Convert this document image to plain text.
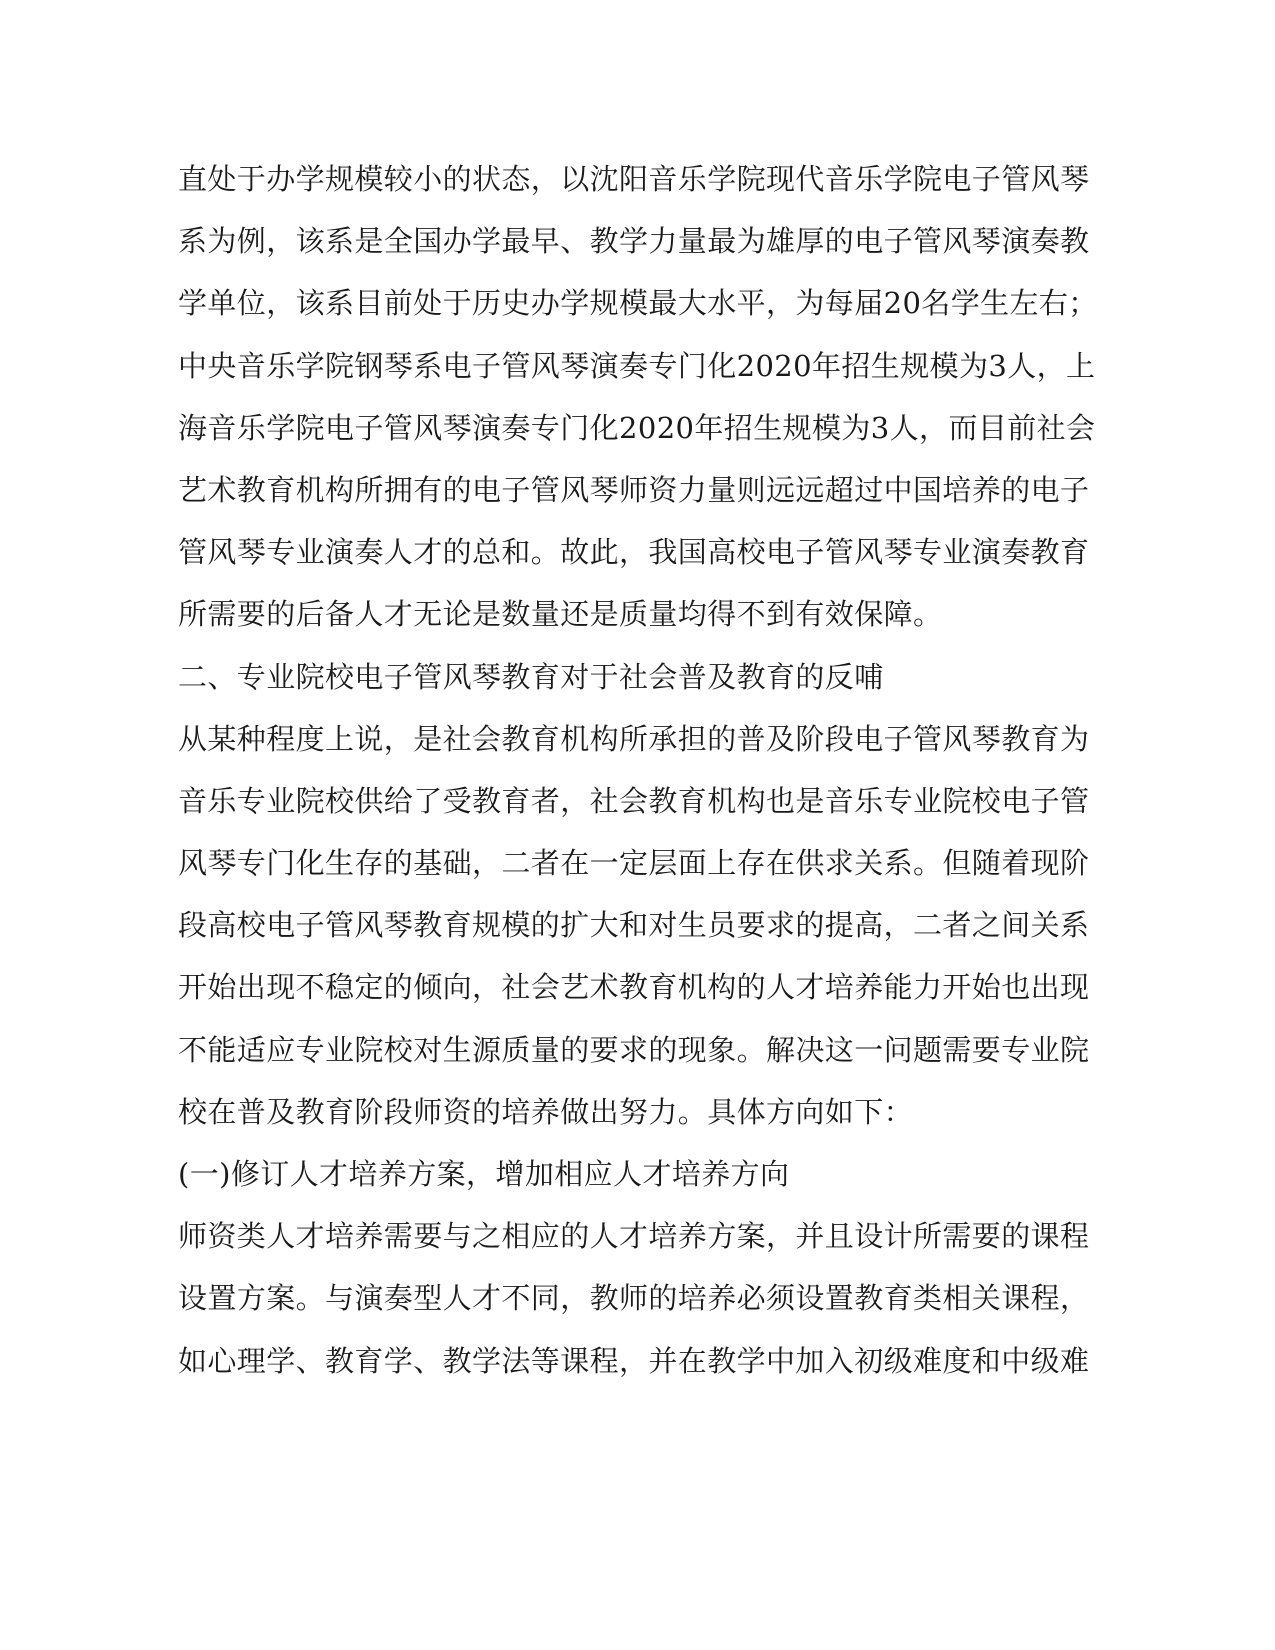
直处于办学规模较小的状态，以沈阳音乐学院现代音乐学院电子管风琴
系为例，该系是全国办学最早、教学力量最为雄厚的电子管风琴演奏教
学单位，该系目前处于历史办学规模最大水平，为每届20名学生左右；
中央音乐学院钢琴系电子管风琴演奏专门化2020年招生规模为3人，上
海音乐学院电子管风琴演奏专门化2020年招生规模为3人，而目前社会
艺术教育机构所拥有的电子管风琴师资力量则远远超过中国培养的电子
管风琴专业演奏人才的总和。故此，我国高校电子管风琴专业演奏教育
所需要的后备人才无论是数量还是质量均得不到有效保障。
二、专业院校电子管风琴教育对于社会普及教育的反哺
从某种程度上说，是社会教育机构所承担的普及阶段电子管风琴教育为
音乐专业院校供给了受教育者，社会教育机构也是音乐专业院校电子管
风琴专门化生存的基础，二者在一定层面上存在供求关系。但随着现阶
段高校电子管风琴教育规模的扩大和对生员要求的提高，二者之间关系
开始出现不稳定的倾向，社会艺术教育机构的人才培养能力开始也出现
不能适应专业院校对生源质量的要求的现象。解决这一问题需要专业院
校在普及教育阶段师资的培养做出努力。具体方向如下：
(一)修订人才培养方案，增加相应人才培养方向
师资类人才培养需要与之相应的人才培养方案，并且设计所需要的课程
设置方案。与演奏型人才不同，教师的培养必须设置教育类相关课程，
如心理学、教育学、教学法等课程，并在教学中加入初级难度和中级难
